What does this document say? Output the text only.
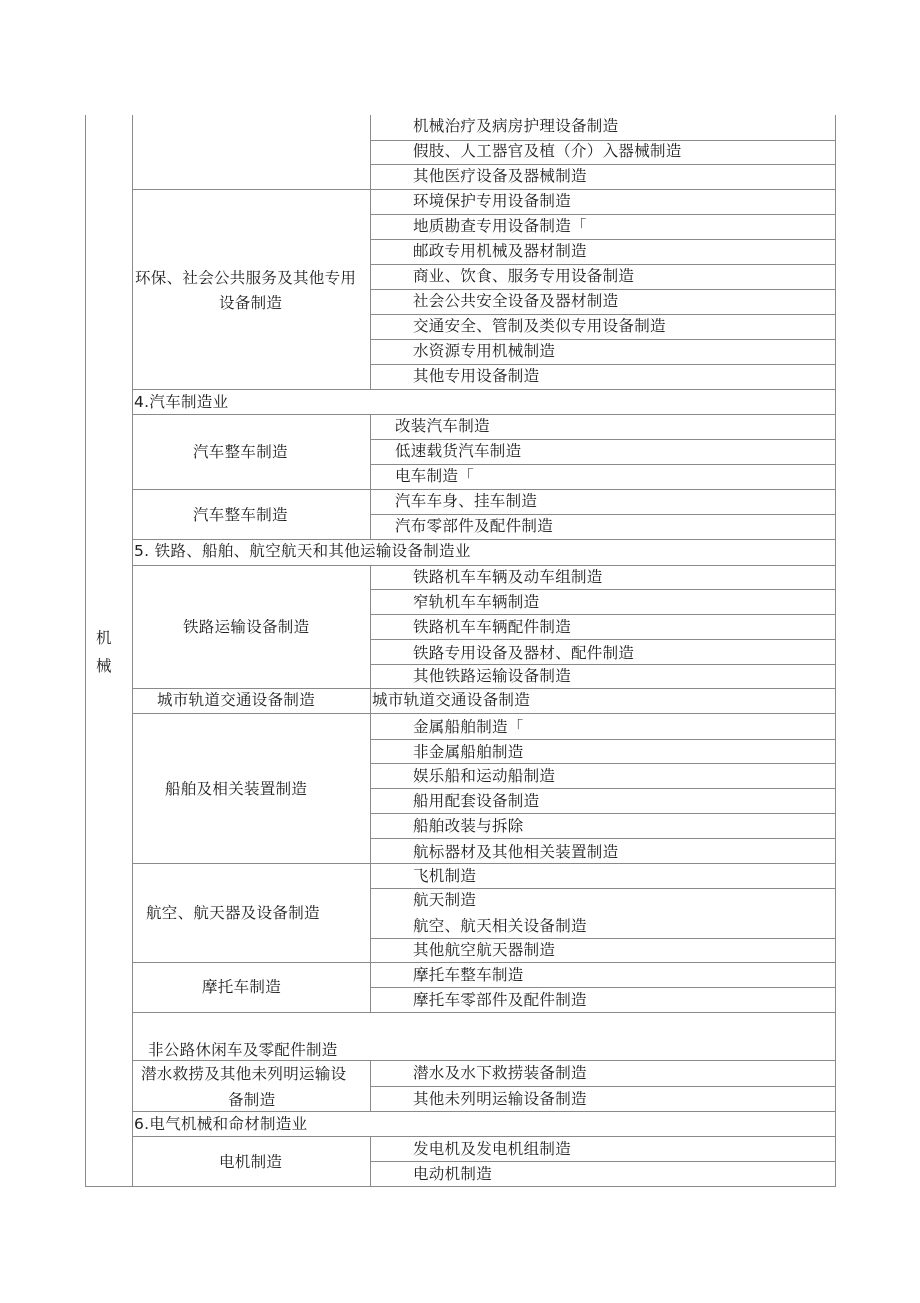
机
械
机械治疗及病房护理设备制造
假肢、人工器官及植（介）入器械制造
其他医疗设备及器械制造
环保、社会公共服务及其他专用
设备制造
环境保护专用设备制造
地质勘查专用设备制造「
邮政专用机械及器材制造
商业、饮食、服务专用设备制造
社会公共安全设备及器材制造
交通安全、管制及类似专用设备制造
水资源专用机械制造
其他专用设备制造
4.汽车制造业
汽车整车制造
改装汽车制造
低速载货汽车制造
电车制造「
汽车整车制造
汽车车身、挂车制造
汽布零部件及配件制造
5. 铁路、船舶、航空航天和其他运输设备制造业
铁路运输设备制造
铁路机车车辆及动车组制造
窄轨机车车辆制造
铁路机车车辆配件制造
铁路专用设备及器材、配件制造
其他铁路运输设备制造
城市轨道交通设备制造	城市轨道交通设备制造
船舶及相关装置制造
金属船舶制造「
非金属船舶制造
娱乐船和运动船制造
船用配套设备制造
船舶改装与拆除
航标器材及其他相关装置制造
航空、航天器及设备制造
飞机制造
航天制造
航空、航天相关设备制造
其他航空航天器制造
摩托车制造
摩托车整车制造
摩托车零部件及配件制造
非公路休闲车及零配件制造
潜水救捞及其他未列明运输设
备制造
潜水及水下救捞装备制造
其他未列明运输设备制造
6.电气机械和命材制造业
电机制造
发电机及发电机组制造
电动机制造
